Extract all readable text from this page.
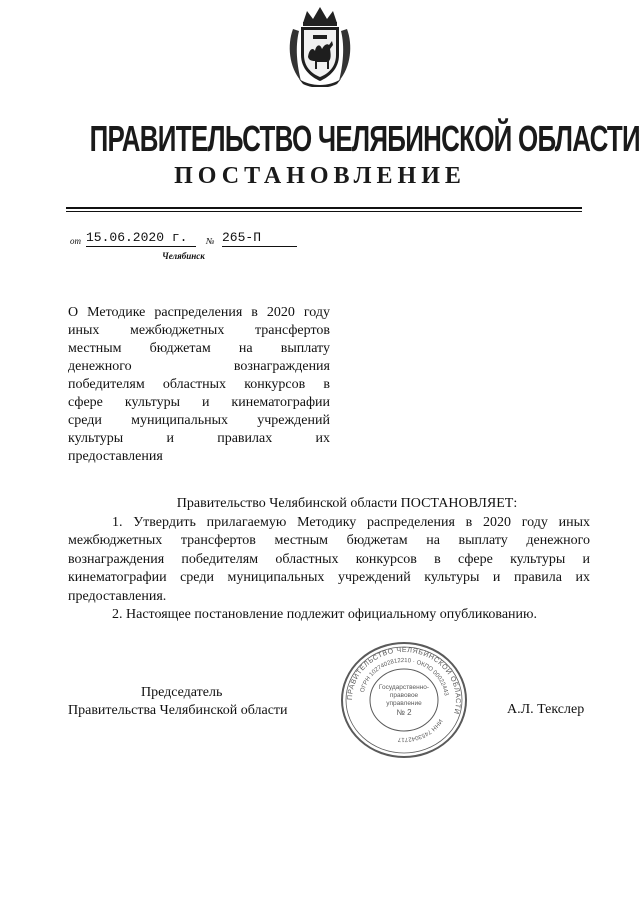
ПРАВИТЕЛЬСТВО ЧЕЛЯБИНСКОЙ ОБЛАСТИ
ПОСТАНОВЛЕНИЕ
от 15.06.2020 г.	№ 265-П
Челябинск
О Методике распределения в 2020 году
иных межбюджетных трансфертов
местным бюджетам на выплату
денежного вознаграждения
победителям областных конкурсов в
сфере культуры и кинематографии
среди муниципальных учреждений
культуры и правилах их
предоставления
Правительство Челябинской области ПОСТАНОВЛЯЕТ:
1. Утвердить прилагаемую Методику распределения в 2020 году иных межбюджетных трансфертов местным бюджетам на выплату денежного вознаграждения победителям областных конкурсов в сфере культуры и кинематографии среди муниципальных учреждений культуры и правила их предоставления.
2. Настоящее постановление подлежит официальному опубликованию.
Председатель
Правительства Челябинской области	А.Л. Текслер
ПРАВИТЕЛЬСТВО ЧЕЛЯБИНСКОЙ ОБЛАСТИ
ОГРН 1027402812210 · ОКПО 00022443
ИНН 7453042717
Государственно-
правовое
управление
№ 2
